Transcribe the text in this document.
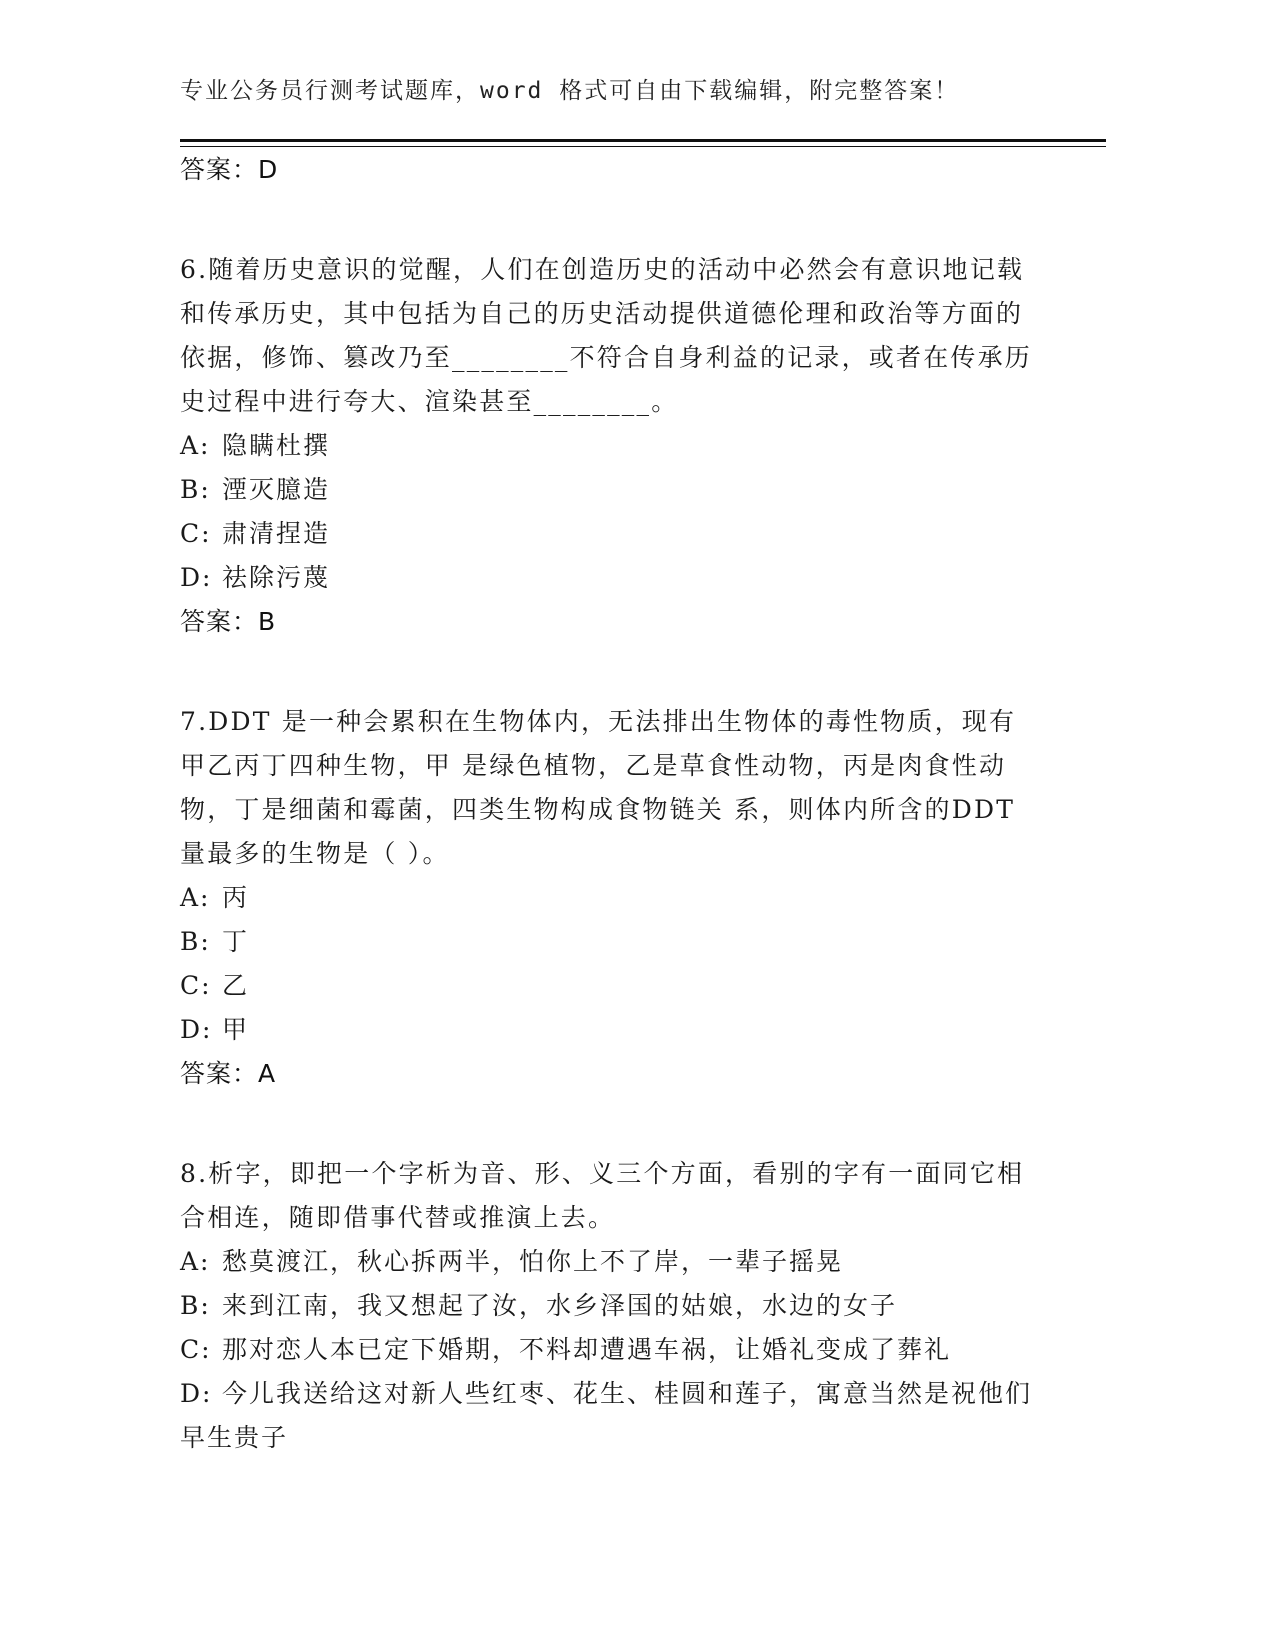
专业公务员行测考试题库，word 格式可自由下载编辑，附完整答案！
答案：D

6.随着历史意识的觉醒，人们在创造历史的活动中必然会有意识地记载和传承历史，其中包括为自己的历史活动提供道德伦理和政治等方面的依据，修饰、篡改乃至________不符合自身利益的记录，或者在传承历史过程中进行夸大、渲染甚至________。

A: 隐瞒杜撰

B: 湮灭臆造

C: 肃清捏造

D: 祛除污蔑

答案：B

7.DDT 是一种会累积在生物体内，无法排出生物体的毒性物质，现有甲乙丙丁四种生物，甲 是绿色植物，乙是草食性动物，丙是肉食性动物，丁是细菌和霉菌，四类生物构成食物链关 系，则体内所含的DDT 量最多的生物是（ ）。

A: 丙

B: 丁

C: 乙

D: 甲

答案：A

8.析字，即把一个字析为音、形、义三个方面，看别的字有一面同它相合相连，随即借事代替或推演上去。

A: 愁莫渡江，秋心拆两半，怕你上不了岸，一辈子摇晃

B: 来到江南，我又想起了汝，水乡泽国的姑娘，水边的女子

C: 那对恋人本已定下婚期，不料却遭遇车祸，让婚礼变成了葬礼

D: 今儿我送给这对新人些红枣、花生、桂圆和莲子，寓意当然是祝他们早生贵子
